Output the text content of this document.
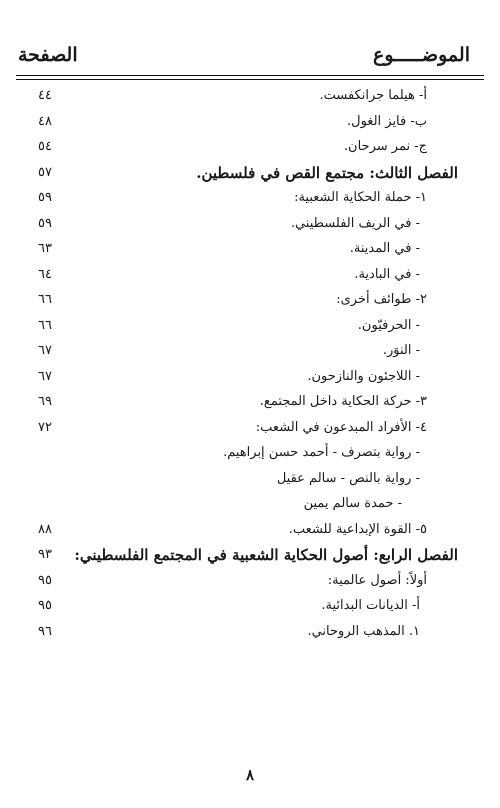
الموضـــــوع
الصفحة
أ- هيلما جرانكفست.
٤٤
ب- فايز الغول.
٤٨
ج- نمر سرحان.
٥٤
الفصل الثالث: مجتمع القص في فلسطين.
٥٧
١- حملة الحكاية الشعبية:
٥٩
- في الريف الفلسطيني.
٥٩
- في المدينة.
٦٣
- في البادية.
٦٤
٢- طوائف أخرى:
٦٦
- الحرفيّون.
٦٦
- النوَر.
٦٧
- اللاجئون والنازحون.
٦٧
٣- حركة الحكاية داخل المجتمع.
٦٩
٤- الأفراد المبدعون في الشعب:
٧٢
- رواية بتصرف - أحمد حسن إبراهيم.
- رواية بالنص - سالم عقيل
- حمدة سالم يمين
٥- القوة الإبداعية للشعب.
٨٨
الفصل الرابع: أصول الحكاية الشعبية في المجتمع الفلسطيني:
٩٣
أولاً: أصول عالمية:
٩٥
أ- الديانات البدائية.
٩٥
١. المذهب الروحاني.
٩٦
٨
